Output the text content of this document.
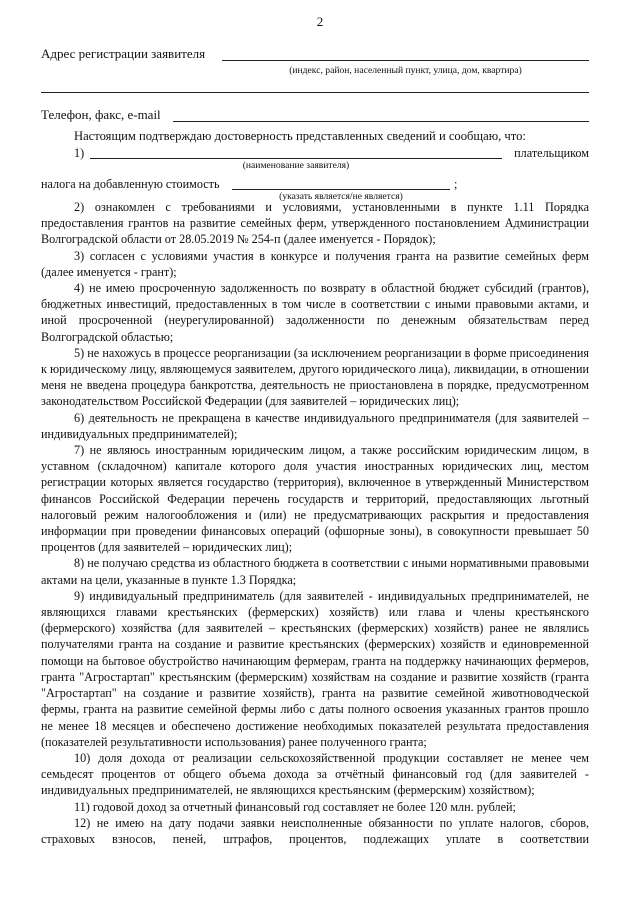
2
Адрес регистрации заявителя
(индекс, район, населенный пункт, улица, дом, квартира)
Телефон, факс, e-mail
Настоящим подтверждаю достоверность представленных сведений и сообщаю, что:
1)	плательщиком
(наименование заявителя)
налога на добавленную стоимость	;
(указать является/не является)

2) ознакомлен с требованиями и условиями, установленными в пункте 1.11 Порядка предоставления грантов на развитие семейных ферм, утвержденного постановлением Администрации Волгоградской области от 28.05.2019 № 254-п (далее именуется - Порядок);

3) согласен с условиями участия в конкурсе и получения гранта на развитие семейных ферм (далее именуется - грант);

4) не имею просроченную задолженность по возврату в областной бюджет субсидий (грантов), бюджетных инвестиций, предоставленных в том числе в соответствии с иными правовыми актами, и иной просроченной (неурегулированной) задолженности по денежным обязательствам перед Волгоградской областью;

5) не нахожусь в процессе реорганизации (за исключением реорганизации в форме присоединения к юридическому лицу, являющемуся заявителем, другого юридического лица), ликвидации, в отношении меня не введена процедура банкротства, деятельность не приостановлена в порядке, предусмотренном законодательством Российской Федерации (для заявителей – юридических лиц);

6) деятельность не прекращена в качестве индивидуального предпринимателя (для заявителей – индивидуальных предпринимателей);

7) не являюсь иностранным юридическим лицом, а также российским юридическим лицом, в уставном (складочном) капитале которого доля участия иностранных юридических лиц, местом регистрации которых является государство (территория), включенное в утвержденный Министерством финансов Российской Федерации перечень государств и территорий, предоставляющих льготный налоговый режим налогообложения и (или) не предусматривающих раскрытия и предоставления информации при проведении финансовых операций (офшорные зоны), в совокупности превышает 50 процентов (для заявителей – юридических лиц);

8) не получаю средства из областного бюджета в соответствии с иными нормативными правовыми актами на цели, указанные в пункте 1.3 Порядка;

9) индивидуальный предприниматель (для заявителей - индивидуальных предпринимателей, не являющихся главами крестьянских (фермерских) хозяйств) или глава и члены крестьянского (фермерского) хозяйства (для заявителей – крестьянских (фермерских) хозяйств) ранее не являлись получателями гранта на создание и развитие крестьянских (фермерских) хозяйств и единовременной помощи на бытовое обустройство начинающим фермерам, гранта на поддержку начинающих фермеров, гранта "Агростартап" крестьянским (фермерским) хозяйствам на создание и развитие хозяйств (гранта "Агростартап" на создание и развитие хозяйств), гранта на развитие семейной животноводческой фермы, гранта на развитие семейной фермы либо с даты полного освоения указанных грантов прошло не менее 18 месяцев и обеспечено достижение необходимых показателей результата предоставления (показателей результативности использования) ранее полученного гранта;

10) доля дохода от реализации сельскохозяйственной продукции составляет не менее чем семьдесят процентов от общего объема дохода за отчётный финансовый год (для заявителей - индивидуальных предпринимателей, не являющихся крестьянским (фермерским) хозяйством);

11) годовой доход за отчетный финансовый год составляет не более 120 млн. рублей;

12) не имею на дату подачи заявки неисполненные обязанности по уплате налогов, сборов, страховых взносов, пеней, штрафов, процентов, подлежащих уплате в соответствии
